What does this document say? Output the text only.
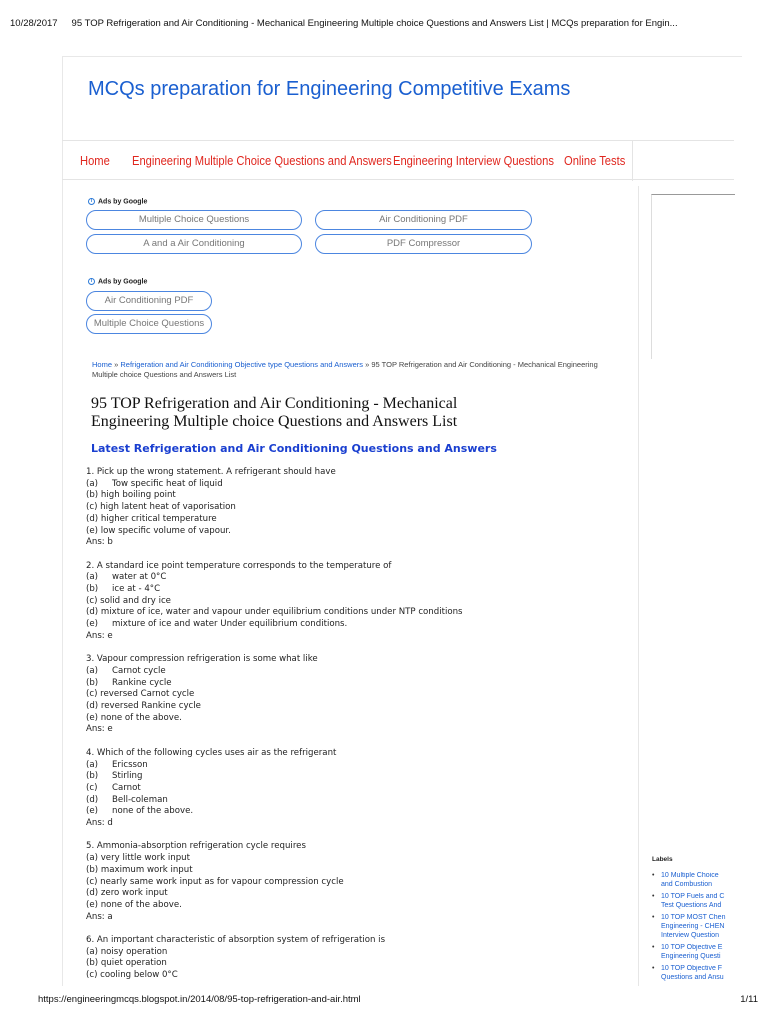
10/28/2017 95 TOP Refrigeration and Air Conditioning - Mechanical Engineering Multiple choice Questions and Answers List | MCQs preparation for Engin...
MCQs preparation for Engineering Competitive Exams
Home Engineering Multiple Choice Questions and Answers Engineering Interview Questions Online Tests
i Ads by Google
Multiple Choice Questions	Air Conditioning PDF
A and a Air Conditioning	PDF Compressor
i Ads by Google
Air Conditioning PDF
Multiple Choice Questions
Home » Refrigeration and Air Conditioning Objective type Questions and Answers » 95 TOP Refrigeration and Air Conditioning - Mechanical Engineering
Multiple choice Questions and Answers List
95 TOP Refrigeration and Air Conditioning - Mechanical
Engineering Multiple choice Questions and Answers List
Latest Refrigeration and Air Conditioning Questions and Answers
1. Pick up the wrong statement. A refrigerant should have
(a) Tow specific heat of liquid
(b) high boiling point
(c) high latent heat of vaporisation
(d) higher critical temperature
(e) low specific volume of vapour.
Ans: b
2. A standard ice point temperature corresponds to the temperature of
(a) water at 0°C
(b) ice at - 4°C
(c) solid and dry ice
(d) mixture of ice, water and vapour under equilibrium conditions under NTP conditions
(e) mixture of ice and water Under equilibrium conditions.
Ans: e
3. Vapour compression refrigeration is some what like
(a) Carnot cycle
(b) Rankine cycle
(c) reversed Carnot cycle
(d) reversed Rankine cycle
(e) none of the above.
Ans: e
4. Which of the following cycles uses air as the refrigerant
(a) Ericsson
(b) Stirling
(c) Carnot
(d) Bell-coleman
(e) none of the above.
Ans: d
5. Ammonia-absorption refrigeration cycle requires
(a) very little work input
(b) maximum work input
(c) nearly same work input as for vapour compression cycle
(d) zero work input
(e) none of the above.
Ans: a
6. An important characteristic of absorption system of refrigeration is
(a) noisy operation
(b) quiet operation
(c) cooling below 0°C
Labels
• 10 Multiple Choice
and Combustion
• 10 TOP Fuels and C
Test Questions And
• 10 TOP MOST Chen
Engineering - CHEN
Interview Question
• 10 TOP Objective E
Engineering Questi
• 10 TOP Objective F
Questions and Ansu
https://engineeringmcqs.blogspot.in/2014/08/95-top-refrigeration-and-air.html	1/11
